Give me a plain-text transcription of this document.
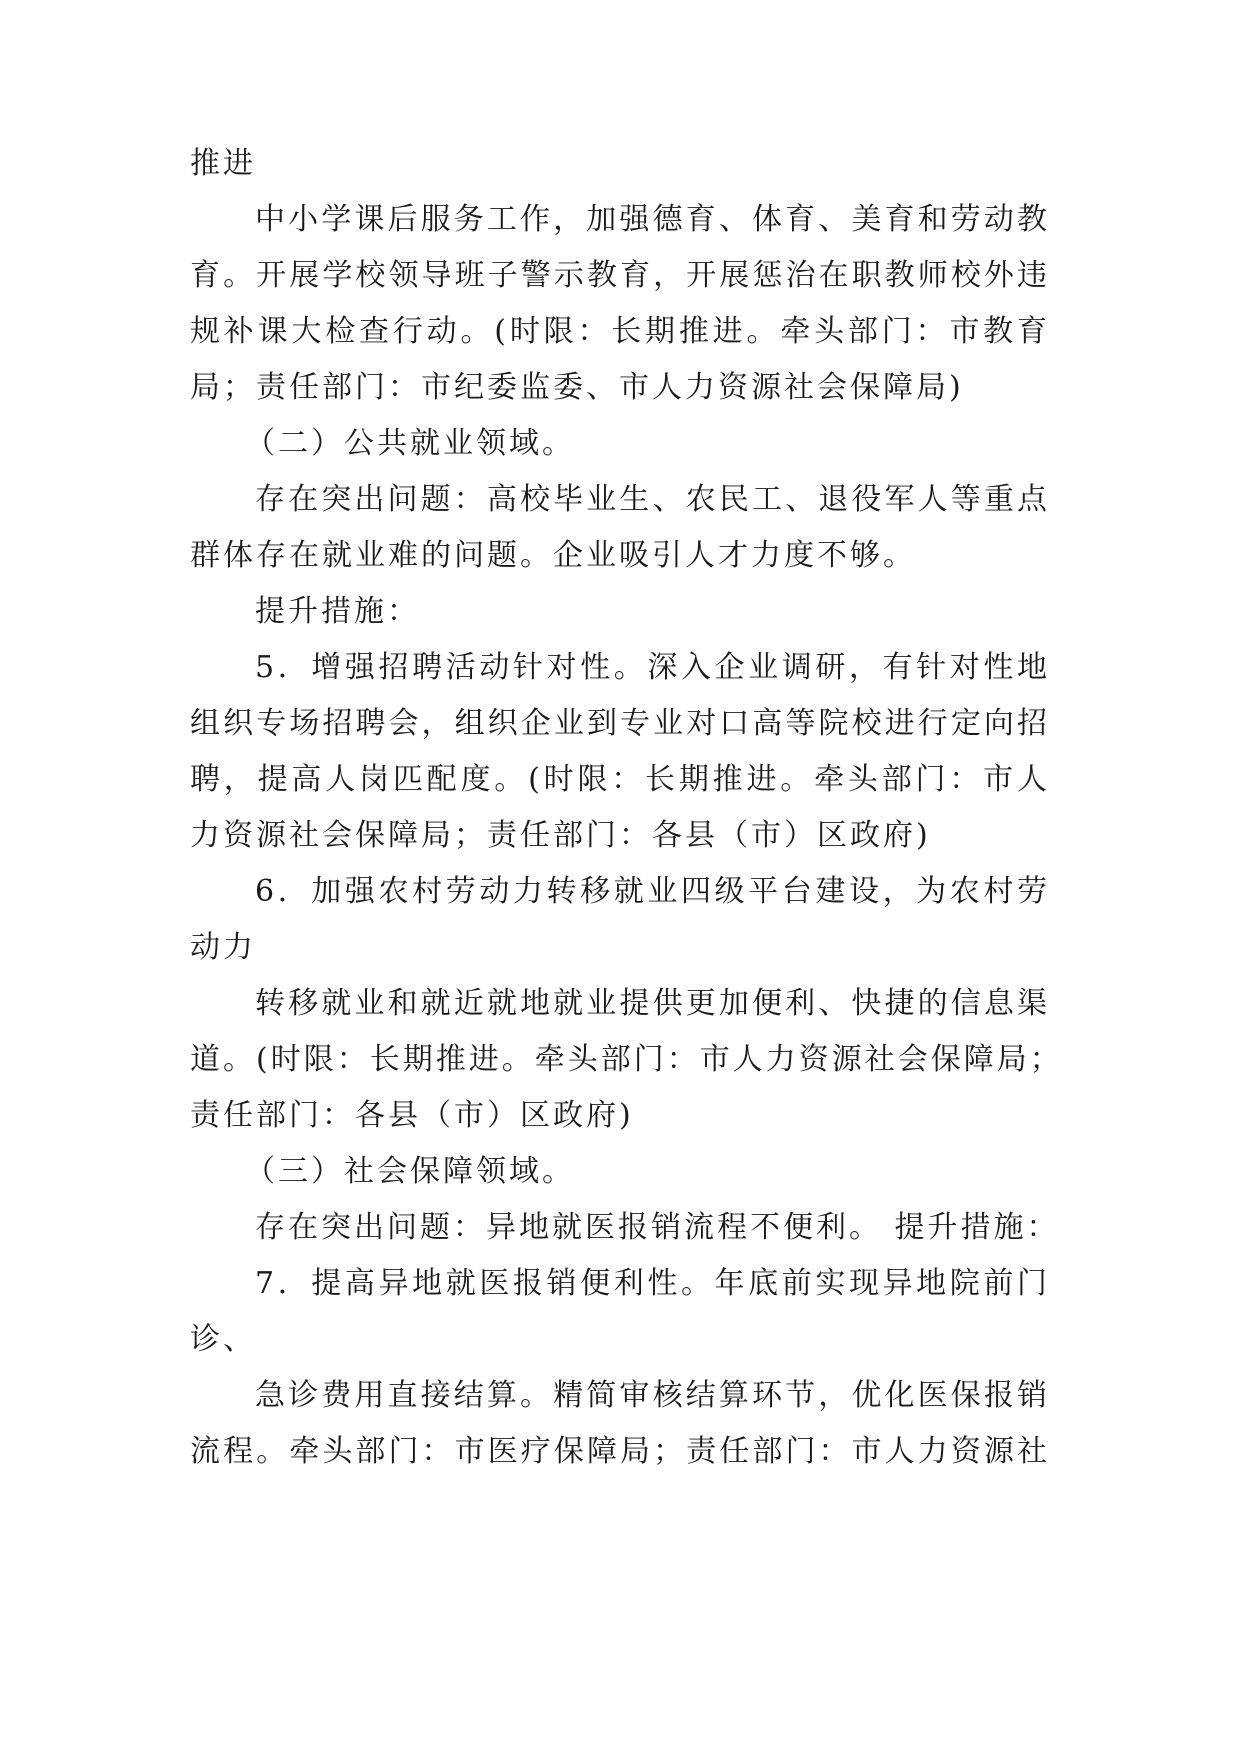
推进
中小学课后服务工作，加强德育、体育、美育和劳动教
育。开展学校领导班子警示教育，开展惩治在职教师校外违
规补课大检查行动。(时限：长期推进。牵头部门：市教育
局；责任部门：市纪委监委、市人力资源社会保障局)
（二）公共就业领域。
存在突出问题：高校毕业生、农民工、退役军人等重点
群体存在就业难的问题。企业吸引人才力度不够。
提升措施：
5．增强招聘活动针对性。深入企业调研，有针对性地
组织专场招聘会，组织企业到专业对口高等院校进行定向招
聘，提高人岗匹配度。(时限：长期推进。牵头部门：市人
力资源社会保障局；责任部门：各县（市）区政府)
6．加强农村劳动力转移就业四级平台建设，为农村劳
动力
转移就业和就近就地就业提供更加便利、快捷的信息渠
道。(时限：长期推进。牵头部门：市人力资源社会保障局；
责任部门：各县（市）区政府)
（三）社会保障领域。
存在突出问题：异地就医报销流程不便利。 提升措施：
7．提高异地就医报销便利性。年底前实现异地院前门
诊、
急诊费用直接结算。精简审核结算环节，优化医保报销
流程。牵头部门：市医疗保障局；责任部门：市人力资源社
